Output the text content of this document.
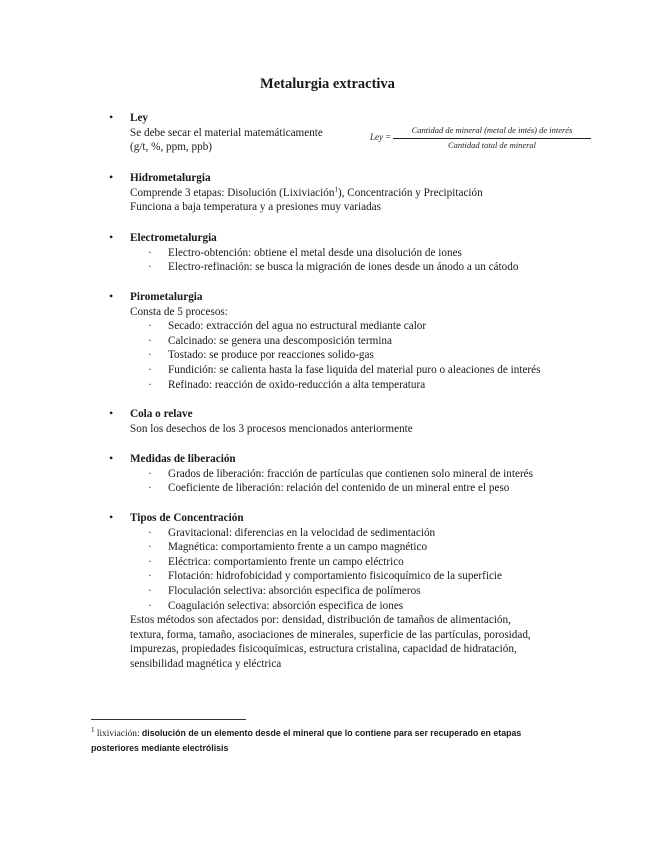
Metalurgia extractiva
• Ley
Se debe secar el material matemáticamente
(g/t, %, ppm, ppb)
Ley =
Cantidad de mineral (metal de intés) de interés
Cantidad total de mineral
• Hidrometalurgia
Comprende 3 etapas: Disolución (Lixiviación$^1$), Concentración y Precipitación
Funciona a baja temperatura y a presiones muy variadas
• Electrometalurgia
· Electro-obtención: obtiene el metal desde una disolución de iones
· Electro-refinación: se busca la migración de iones desde un ánodo a un cátodo
• Pirometalurgia
Consta de 5 procesos:
· Secado: extracción del agua no estructural mediante calor
· Calcinado: se genera una descomposición termina
· Tostado: se produce por reacciones solido-gas
· Fundición: se calienta hasta la fase liquida del material puro o aleaciones de interés
· Refinado: reacción de oxido-reducción a alta temperatura
• Cola o relave
Son los desechos de los 3 procesos mencionados anteriormente
• Medidas de liberación
· Grados de liberación: fracción de partículas que contienen solo mineral de interés
· Coeficiente de liberación: relación del contenido de un mineral entre el peso
• Tipos de Concentración
· Gravitacional: diferencias en la velocidad de sedimentación
· Magnética: comportamiento frente a un campo magnético
· Eléctrica: comportamiento frente un campo eléctrico
· Flotación: hidrofobicidad y comportamiento fisicoquímico de la superficie
· Floculación selectiva: absorción especifica de polímeros
· Coagulación selectiva: absorción especifica de iones
Estos métodos son afectados por: densidad, distribución de tamaños de alimentación,
textura, forma, tamaño, asociaciones de minerales, superficie de las partículas, porosidad,
impurezas, propiedades fisicoquímicas, estructura cristalina, capacidad de hidratación,
sensibilidad magnética y eléctrica
$^1$ lixiviación: disolución de un elemento desde el mineral que lo contiene para ser recuperado en etapas
posteriores mediante electrólisis
